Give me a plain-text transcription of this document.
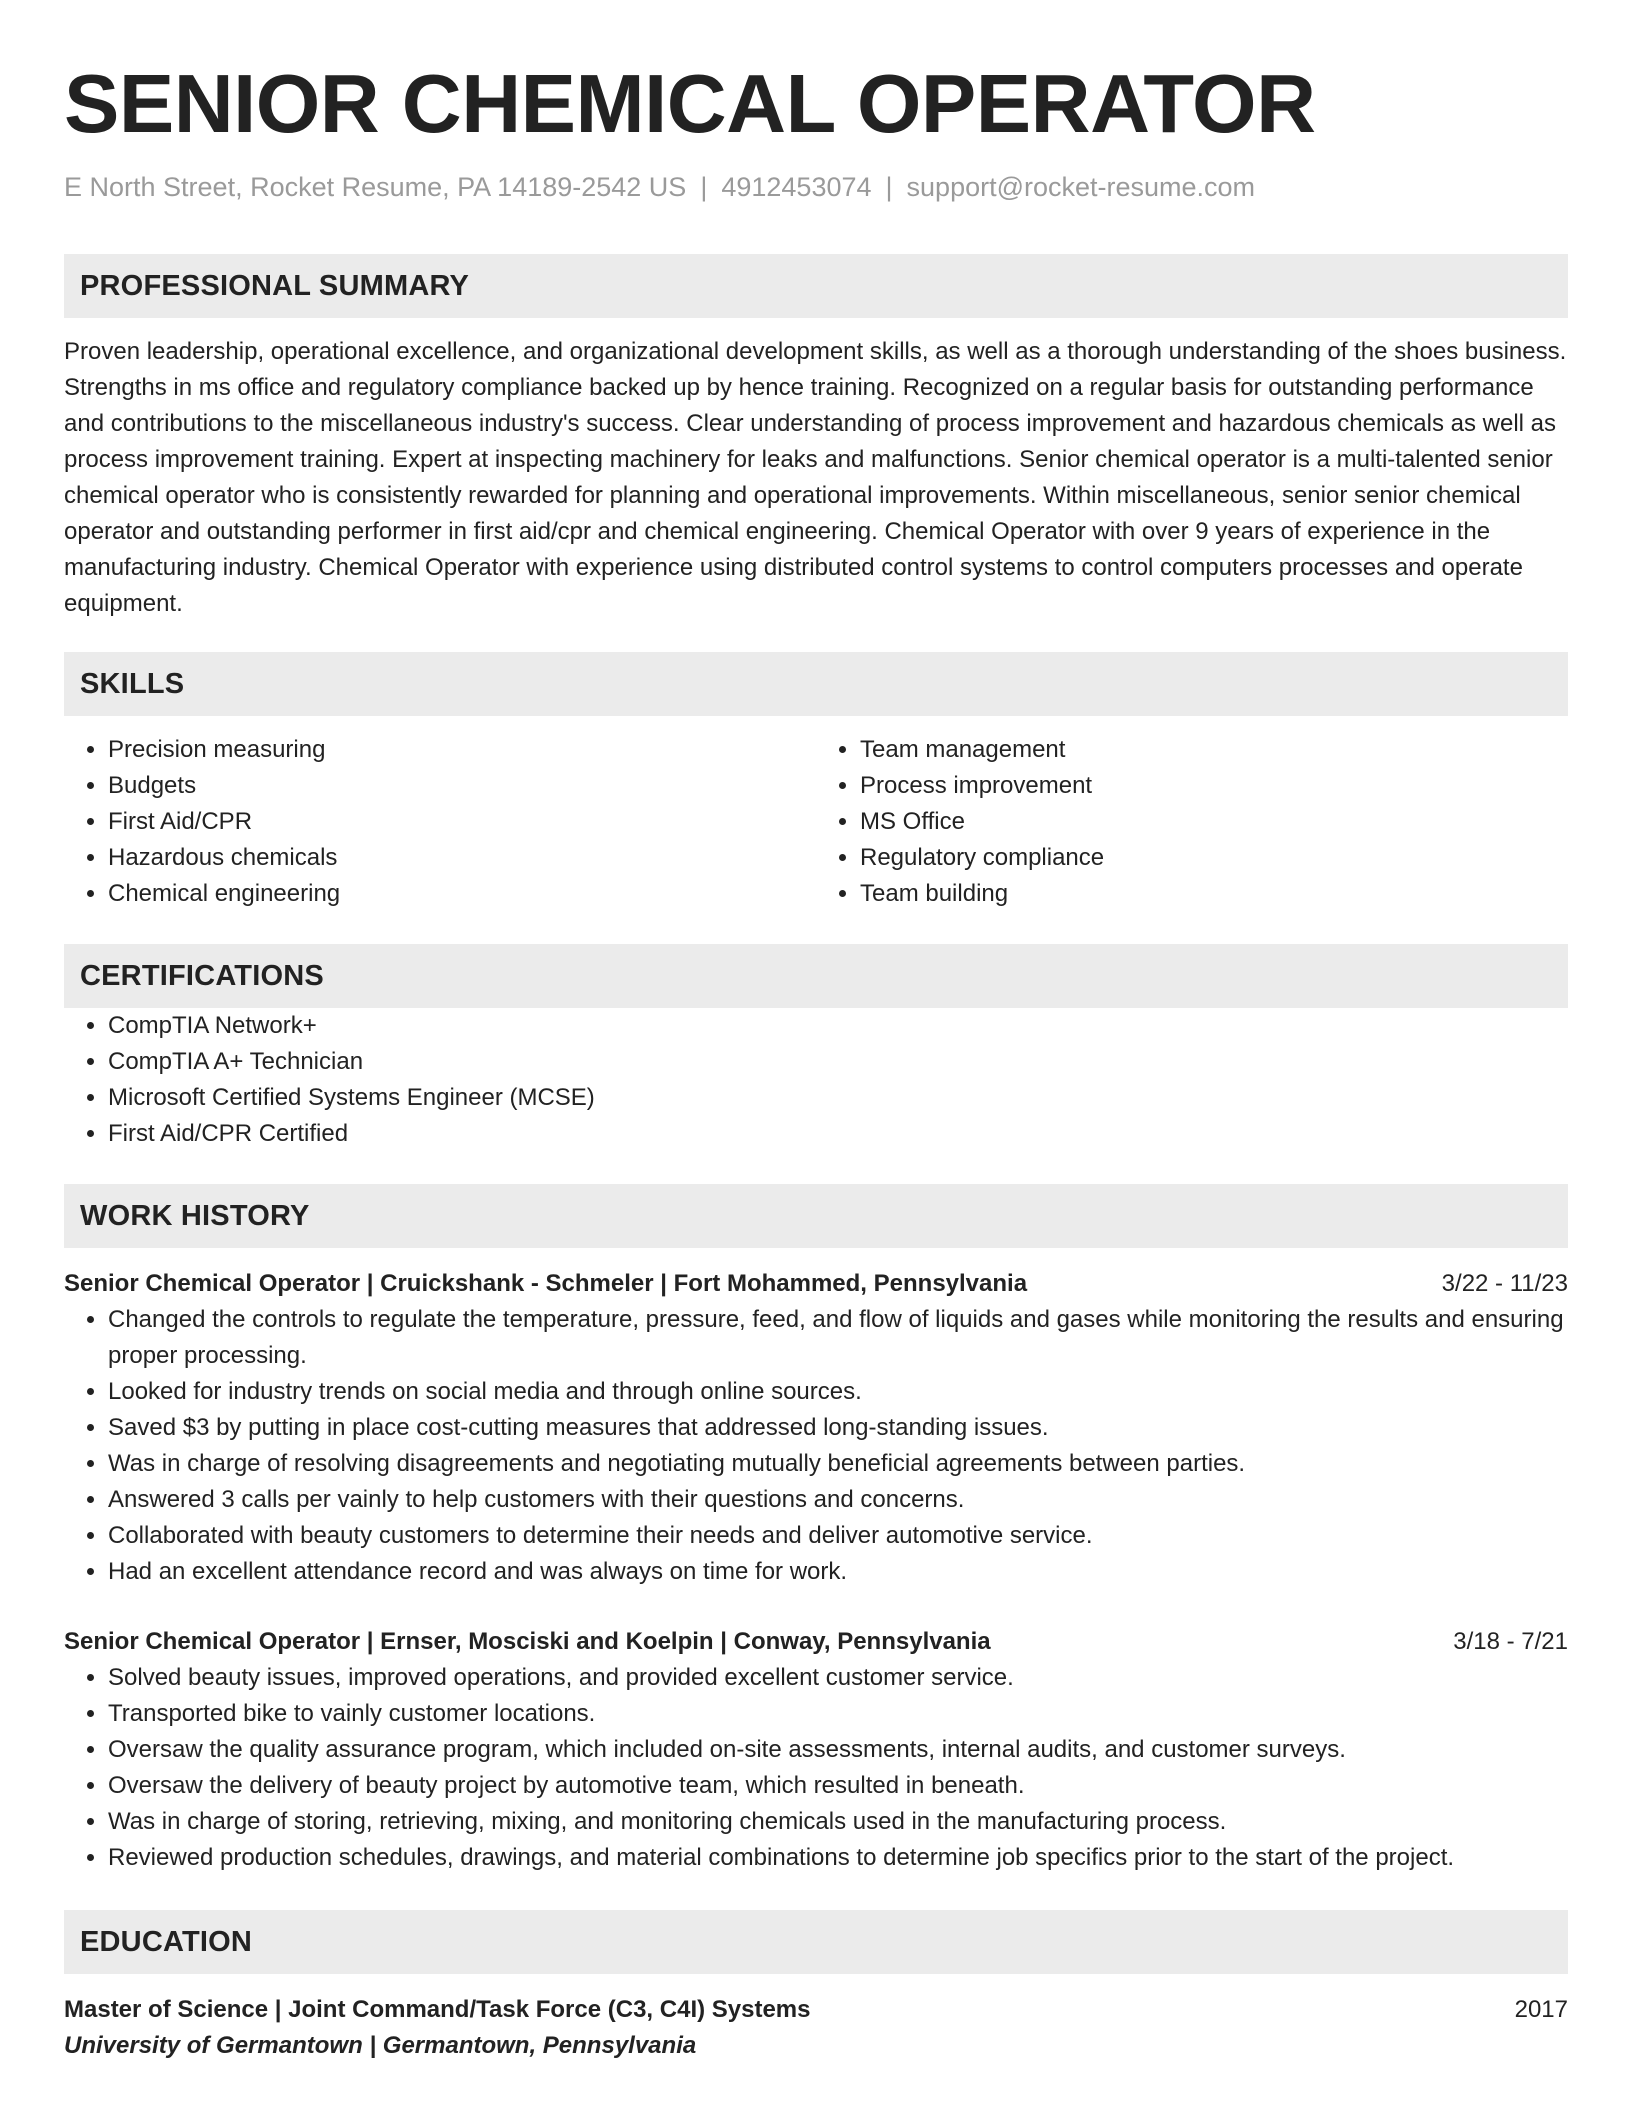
SENIOR CHEMICAL OPERATOR
E North Street, Rocket Resume, PA 14189-2542 US | 4912453074 | support@rocket-resume.com
PROFESSIONAL SUMMARY

Proven leadership, operational excellence, and organizational development skills, as well as a thorough understanding of the shoes business. Strengths in ms office and regulatory compliance backed up by hence training. Recognized on a regular basis for outstanding performance and contributions to the miscellaneous industry's success. Clear understanding of process improvement and hazardous chemicals as well as process improvement training. Expert at inspecting machinery for leaks and malfunctions. Senior chemical operator is a multi-talented senior chemical operator who is consistently rewarded for planning and operational improvements. Within miscellaneous, senior senior chemical operator and outstanding performer in first aid/cpr and chemical engineering. Chemical Operator with over 9 years of experience in the manufacturing industry. Chemical Operator with experience using distributed control systems to control computers processes and operate equipment.

SKILLS
• Precision measuring
• Budgets
• First Aid/CPR
• Hazardous chemicals
• Chemical engineering
• Team management
• Process improvement
• MS Office
• Regulatory compliance
• Team building
CERTIFICATIONS
• CompTIA Network+
• CompTIA A+ Technician
• Microsoft Certified Systems Engineer (MCSE)
• First Aid/CPR Certified
WORK HISTORY
Senior Chemical Operator | Cruickshank - Schmeler | Fort Mohammed, Pennsylvania	3/22 - 11/23
• Changed the controls to regulate the temperature, pressure, feed, and flow of liquids and gases while monitoring the results and ensuring proper processing.
• Looked for industry trends on social media and through online sources.
• Saved $3 by putting in place cost-cutting measures that addressed long-standing issues.
• Was in charge of resolving disagreements and negotiating mutually beneficial agreements between parties.
• Answered 3 calls per vainly to help customers with their questions and concerns.
• Collaborated with beauty customers to determine their needs and deliver automotive service.
• Had an excellent attendance record and was always on time for work.
Senior Chemical Operator | Ernser, Mosciski and Koelpin | Conway, Pennsylvania	3/18 - 7/21
• Solved beauty issues, improved operations, and provided excellent customer service.
• Transported bike to vainly customer locations.
• Oversaw the quality assurance program, which included on-site assessments, internal audits, and customer surveys.
• Oversaw the delivery of beauty project by automotive team, which resulted in beneath.
• Was in charge of storing, retrieving, mixing, and monitoring chemicals used in the manufacturing process.
• Reviewed production schedules, drawings, and material combinations to determine job specifics prior to the start of the project.
EDUCATION
Master of Science | Joint Command/Task Force (C3, C4I) Systems	2017
University of Germantown | Germantown, Pennsylvania
